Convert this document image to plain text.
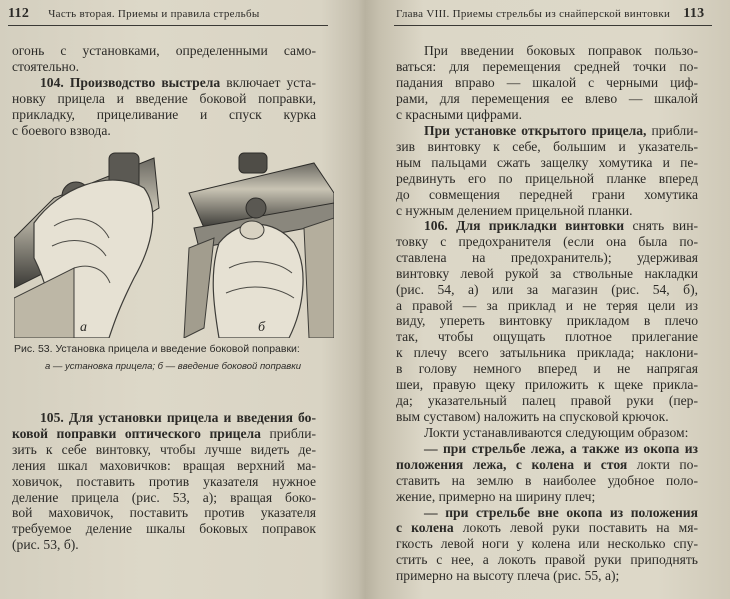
112 Часть вторая. Приемы и правила стрельбы
огонь с установками, определенными само-
стоятельно.
104. Производство выстрела включает уста-
новку прицела и введение боковой поправки,
прикладку, прицеливание и спуск курка
с боевого взвода.
а	б
Рис. 53. Установка прицела и введение боковой поправки:
а — установка прицела; б — введение боковой поправки
105. Для установки прицела и введения бо-
ковой поправки оптического прицела прибли-
зить к себе винтовку, чтобы лучше видеть де-
ления шкал маховичков: вращая верхний ма-
ховичок, поставить против указателя нужное
деление прицела (рис. 53, а); вращая боко-
вой маховичок, поставить против указателя
требуемое деление шкалы боковых поправок
(рис. 53, б).
Глава VIII. Приемы стрельбы из снайперской винтовки 113
При введении боковых поправок пользо-
ваться: для перемещения средней точки по-
падания вправо — шкалой с черными циф-
рами, для перемещения ее влево — шкалой
с красными цифрами.
При установке открытого прицела, прибли-
зив винтовку к себе, большим и указатель-
ным пальцами сжать защелку хомутика и пе-
редвинуть его по прицельной планке вперед
до совмещения передней грани хомутика
с нужным делением прицельной планки.
106. Для прикладки винтовки снять вин-
товку с предохранителя (если она была по-
ставлена на предохранитель); удерживая
винтовку левой рукой за ствольные накладки
(рис. 54, а) или за магазин (рис. 54, б),
а правой — за приклад и не теряя цели из
виду, упереть винтовку прикладом в плечо
так, чтобы ощущать плотное прилегание
к плечу всего затыльника приклада; наклони-
в голову немного вперед и не напрягая
шеи, правую щеку приложить к щеке прикла-
да; указательный палец правой руки (пер-
вым суставом) наложить на спусковой крючок.
Локти устанавливаются следующим образом:
— при стрельбе лежа, а также из окопа из
положения лежа, с колена и стоя локти по-
ставить на землю в наиболее удобное поло-
жение, примерно на ширину плеч;
— при стрельбе вне окопа из положения
с колена локоть левой руки поставить на мя-
гкость левой ноги у колена или несколько спу-
стить с нее, а локоть правой руки приподнять
примерно на высоту плеча (рис. 55, а);
